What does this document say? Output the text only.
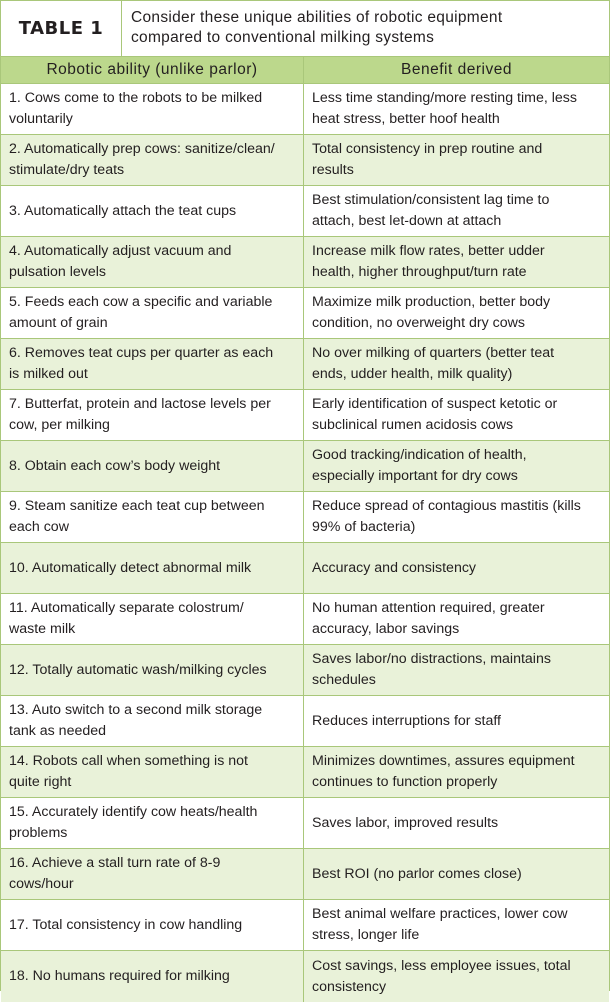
TABLE 1
Consider these unique abilities of robotic equipment
compared to conventional milking systems
Robotic ability (unlike parlor)	Benefit derived
1. Cows come to the robots to be milked
voluntarily
Less time standing/more resting time, less
heat stress, better hoof health
2. Automatically prep cows: sanitize/clean/
stimulate/dry teats
Total consistency in prep routine and
results
3. Automatically attach the teat cups
Best stimulation/consistent lag time to
attach, best let-down at attach
4. Automatically adjust vacuum and
pulsation levels
Increase milk flow rates, better udder
health, higher throughput/turn rate
5. Feeds each cow a specific and variable
amount of grain
Maximize milk production, better body
condition, no overweight dry cows
6. Removes teat cups per quarter as each
is milked out
No over milking of quarters (better teat
ends, udder health, milk quality)
7. Butterfat, protein and lactose levels per
cow, per milking
Early identification of suspect ketotic or
subclinical rumen acidosis cows
8. Obtain each cow’s body weight
Good tracking/indication of health,
especially important for dry cows
9. Steam sanitize each teat cup between
each cow
Reduce spread of contagious mastitis (kills
99% of bacteria)
10. Automatically detect abnormal milk	Accuracy and consistency
11. Automatically separate colostrum/
waste milk
No human attention required, greater
accuracy, labor savings
12. Totally automatic wash/milking cycles
Saves labor/no distractions, maintains
schedules
13. Auto switch to a second milk storage
tank as needed
Reduces interruptions for staff
14. Robots call when something is not
quite right
Minimizes downtimes, assures equipment
continues to function properly
15. Accurately identify cow heats/health
problems
Saves labor, improved results
16. Achieve a stall turn rate of 8-9
cows/hour
Best ROI (no parlor comes close)
17. Total consistency in cow handling
Best animal welfare practices, lower cow
stress, longer life
18. No humans required for milking
Cost savings, less employee issues, total
consistency
